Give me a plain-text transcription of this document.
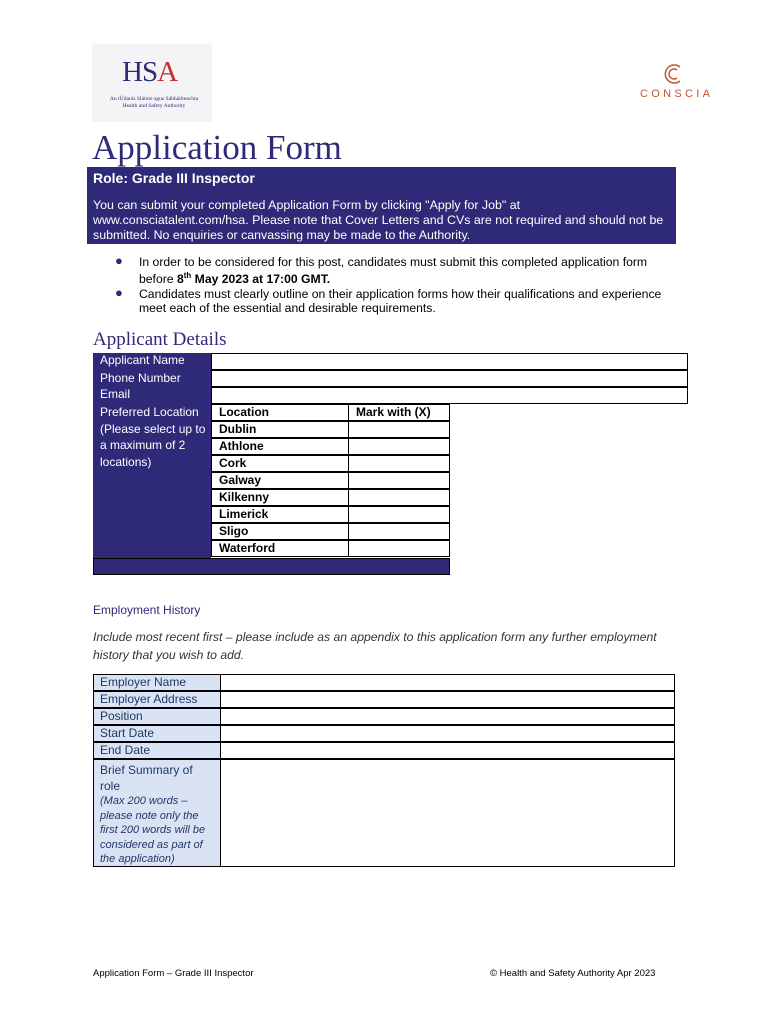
HSA
An tÚdarás Sláinte agus Sábháilteachta
Health and Safety Authority
CONSCIA
Application Form
Role: Grade III Inspector
You can submit your completed Application Form by clicking "Apply for Job" at www.consciatalent.com/hsa. Please note that Cover Letters and CVs are not required and should not be submitted. No enquiries or canvassing may be made to the Authority.
● In order to be considered for this post, candidates must submit this completed application form before 8th May 2023 at 17:00 GMT.
● Candidates must clearly outline on their application forms how their qualifications and experience meet each of the essential and desirable requirements.
Applicant Details
Applicant Name
Phone Number
Email
Preferred Location (Please select up to a maximum of 2 locations)
Location	Mark with (X)
Dublin
Athlone
Cork
Galway
Kilkenny
Limerick
Sligo
Waterford
Employment History
Include most recent first – please include as an appendix to this application form any further employment history that you wish to add.
Employer Name
Employer Address
Position
Start Date
End Date
Brief Summary of role
(Max 200 words – please note only the first 200 words will be considered as part of the application)
Application Form – Grade III Inspector	© Health and Safety Authority Apr 2023
